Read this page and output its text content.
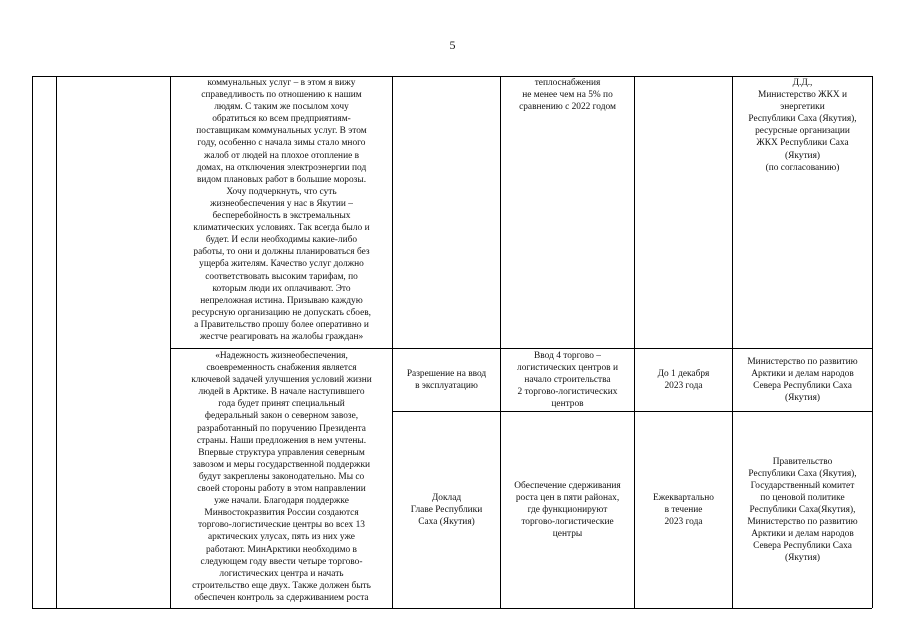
5
коммунальных услуг – в этом я вижу
справедливость по отношению к нашим
людям. С таким же посылом хочу
обратиться ко всем предприятиям-
поставщикам коммунальных услуг. В этом
году, особенно с начала зимы стало много
жалоб от людей на плохое отопление в
домах, на отключения электроэнергии под
видом плановых работ в большие морозы.
Хочу подчеркнуть, что суть
жизнеобеспечения у нас в Якутии –
бесперебойность в экстремальных
климатических условиях. Так всегда было и
будет. И если необходимы какие-либо
работы, то они и должны планироваться без
ущерба жителям. Качество услуг должно
соответствовать высоким тарифам, по
которым люди их оплачивают. Это
непреложная истина. Призываю каждую
ресурсную организацию не допускать сбоев,
а Правительство прошу более оперативно и
жестче реагировать на жалобы граждан»
теплоснабжения
не менее чем на 5% по
сравнению с 2022 годом
Д.Д.,
Министерство ЖКХ и
энергетики
Республики Саха (Якутия),
ресурсные организации
ЖКХ Республики Саха
(Якутия)
(по согласованию)
«Надежность жизнеобеспечения,
своевременность снабжения является
ключевой задачей улучшения условий жизни
людей в Арктике. В начале наступившего
года будет принят специальный
федеральный закон о северном завозе,
разработанный по поручению Президента
страны. Наши предложения в нем учтены.
Впервые структура управления северным
завозом и меры государственной поддержки
будут закреплены законодательно. Мы со
своей стороны работу в этом направлении
уже начали. Благодаря поддержке
Минвостокразвития России создаются
торгово-логистические центры во всех 13
арктических улусах, пять из них уже
работают. МинАрктики необходимо в
следующем году ввести четыре торгово-
логистических центра и начать
строительство еще двух. Также должен быть
обеспечен контроль за сдерживанием роста
Разрешение на ввод
в эксплуатацию
Ввод 4 торгово –
логистических центров и
начало строительства
2 торгово-логистических
центров
До 1 декабря
2023 года
Министерство по развитию
Арктики и делам народов
Севера Республики Саха
(Якутия)
Доклад
Главе Республики
Саха (Якутия)
Обеспечение сдерживания
роста цен в пяти районах,
где функционируют
торгово-логистические
центры
Ежеквартально
в течение
2023 года
Правительство
Республики Саха (Якутия),
Государственный комитет
по ценовой политике
Республики Саха(Якутия),
Министерство по развитию
Арктики и делам народов
Севера Республики Саха
(Якутия)
